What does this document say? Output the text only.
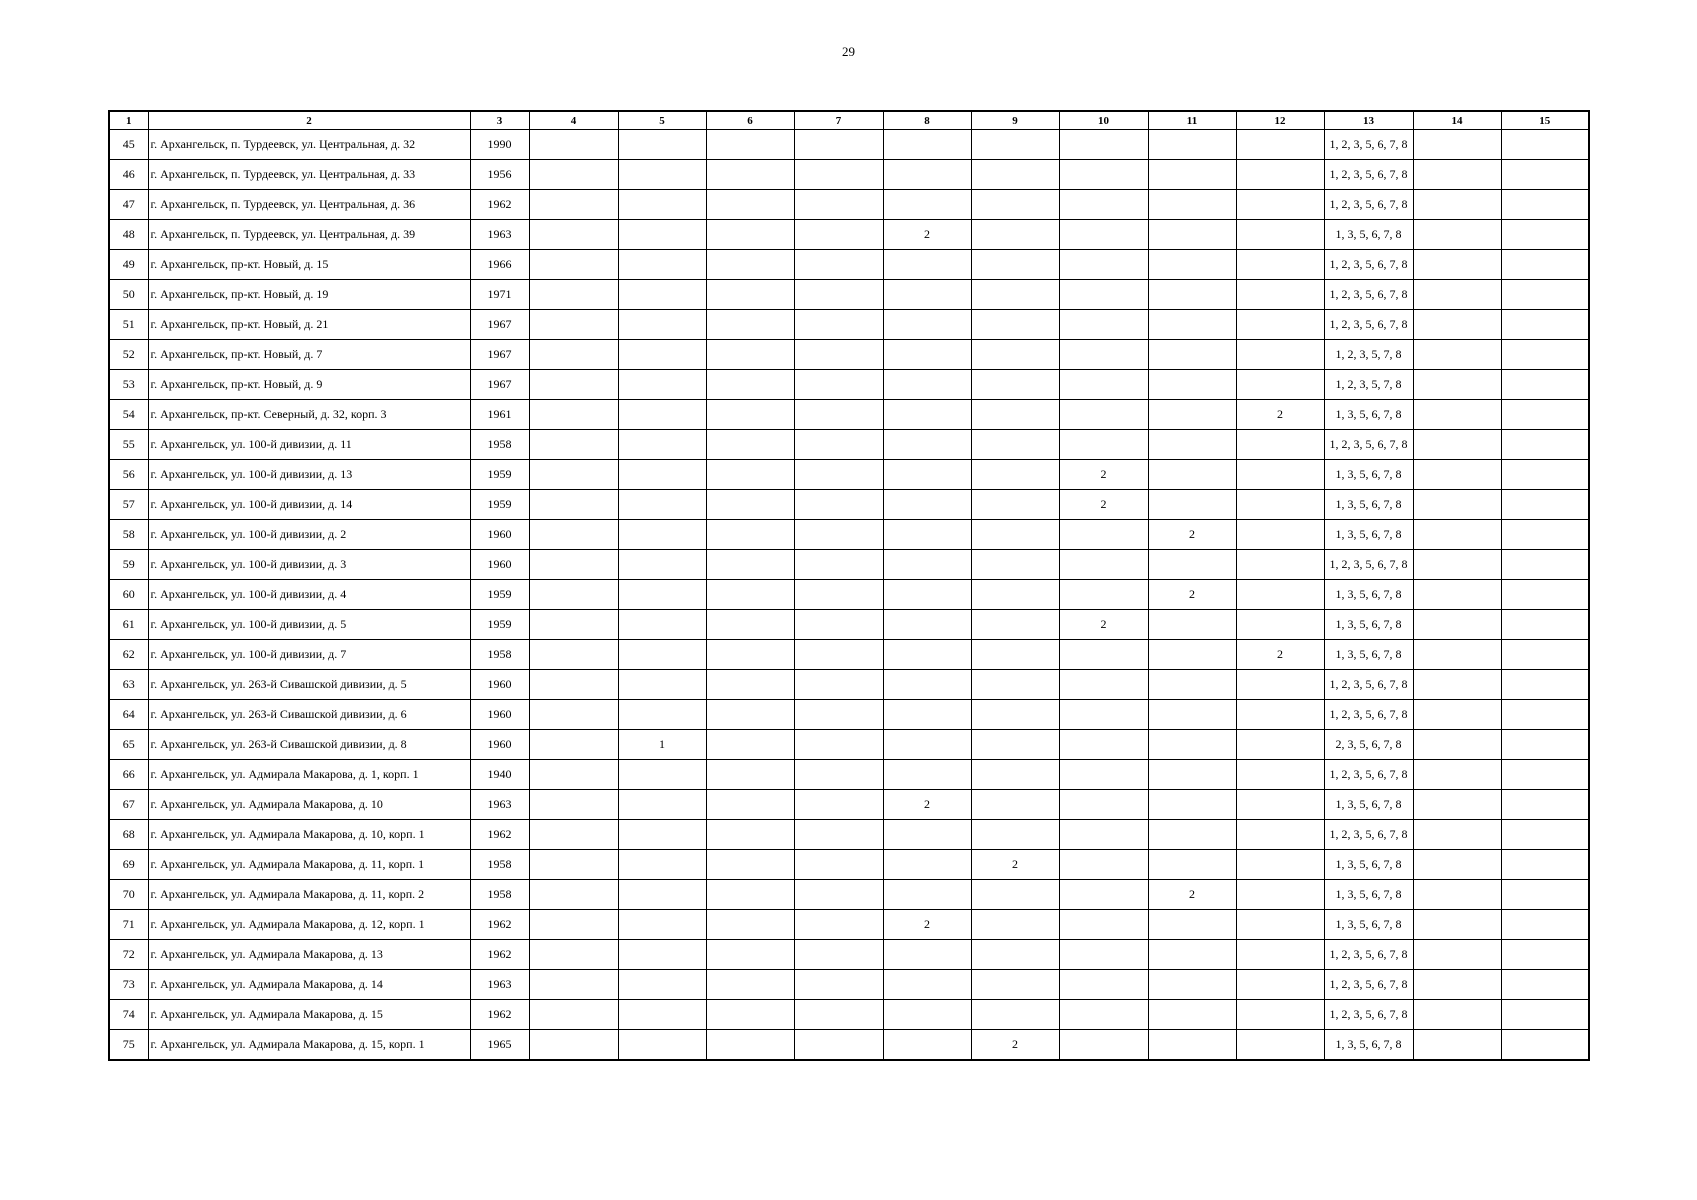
29
1	2	3	4	5	6	7	8	9	10	11	12	13	14	15
45	г. Архангельск, п. Турдеевск, ул. Центральная, д. 32	1990										1, 2, 3, 5, 6, 7, 8		
46	г. Архангельск, п. Турдеевск, ул. Центральная, д. 33	1956										1, 2, 3, 5, 6, 7, 8		
47	г. Архангельск, п. Турдеевск, ул. Центральная, д. 36	1962										1, 2, 3, 5, 6, 7, 8		
48	г. Архангельск, п. Турдеевск, ул. Центральная, д. 39	1963					2					1, 3, 5, 6, 7, 8		
49	г. Архангельск, пр-кт. Новый, д. 15	1966										1, 2, 3, 5, 6, 7, 8		
50	г. Архангельск, пр-кт. Новый, д. 19	1971										1, 2, 3, 5, 6, 7, 8		
51	г. Архангельск, пр-кт. Новый, д. 21	1967										1, 2, 3, 5, 6, 7, 8		
52	г. Архангельск, пр-кт. Новый, д. 7	1967										1, 2, 3, 5, 7, 8		
53	г. Архангельск, пр-кт. Новый, д. 9	1967										1, 2, 3, 5, 7, 8		
54	г. Архангельск, пр-кт. Северный, д. 32, корп. 3	1961									2	1, 3, 5, 6, 7, 8		
55	г. Архангельск, ул. 100-й дивизии, д. 11	1958										1, 2, 3, 5, 6, 7, 8		
56	г. Архангельск, ул. 100-й дивизии, д. 13	1959							2			1, 3, 5, 6, 7, 8		
57	г. Архангельск, ул. 100-й дивизии, д. 14	1959							2			1, 3, 5, 6, 7, 8		
58	г. Архангельск, ул. 100-й дивизии, д. 2	1960								2		1, 3, 5, 6, 7, 8		
59	г. Архангельск, ул. 100-й дивизии, д. 3	1960										1, 2, 3, 5, 6, 7, 8		
60	г. Архангельск, ул. 100-й дивизии, д. 4	1959								2		1, 3, 5, 6, 7, 8		
61	г. Архангельск, ул. 100-й дивизии, д. 5	1959							2			1, 3, 5, 6, 7, 8		
62	г. Архангельск, ул. 100-й дивизии, д. 7	1958									2	1, 3, 5, 6, 7, 8		
63	г. Архангельск, ул. 263-й Сивашской дивизии, д. 5	1960										1, 2, 3, 5, 6, 7, 8		
64	г. Архангельск, ул. 263-й Сивашской дивизии, д. 6	1960										1, 2, 3, 5, 6, 7, 8		
65	г. Архангельск, ул. 263-й Сивашской дивизии, д. 8	1960		1								2, 3, 5, 6, 7, 8		
66	г. Архангельск, ул. Адмирала Макарова, д. 1, корп. 1	1940										1, 2, 3, 5, 6, 7, 8		
67	г. Архангельск, ул. Адмирала Макарова, д. 10	1963					2					1, 3, 5, 6, 7, 8		
68	г. Архангельск, ул. Адмирала Макарова, д. 10, корп. 1	1962										1, 2, 3, 5, 6, 7, 8		
69	г. Архангельск, ул. Адмирала Макарова, д. 11, корп. 1	1958						2				1, 3, 5, 6, 7, 8		
70	г. Архангельск, ул. Адмирала Макарова, д. 11, корп. 2	1958								2		1, 3, 5, 6, 7, 8		
71	г. Архангельск, ул. Адмирала Макарова, д. 12, корп. 1	1962					2					1, 3, 5, 6, 7, 8		
72	г. Архангельск, ул. Адмирала Макарова, д. 13	1962										1, 2, 3, 5, 6, 7, 8		
73	г. Архангельск, ул. Адмирала Макарова, д. 14	1963										1, 2, 3, 5, 6, 7, 8		
74	г. Архангельск, ул. Адмирала Макарова, д. 15	1962										1, 2, 3, 5, 6, 7, 8		
75	г. Архангельск, ул. Адмирала Макарова, д. 15, корп. 1	1965						2				1, 3, 5, 6, 7, 8		
